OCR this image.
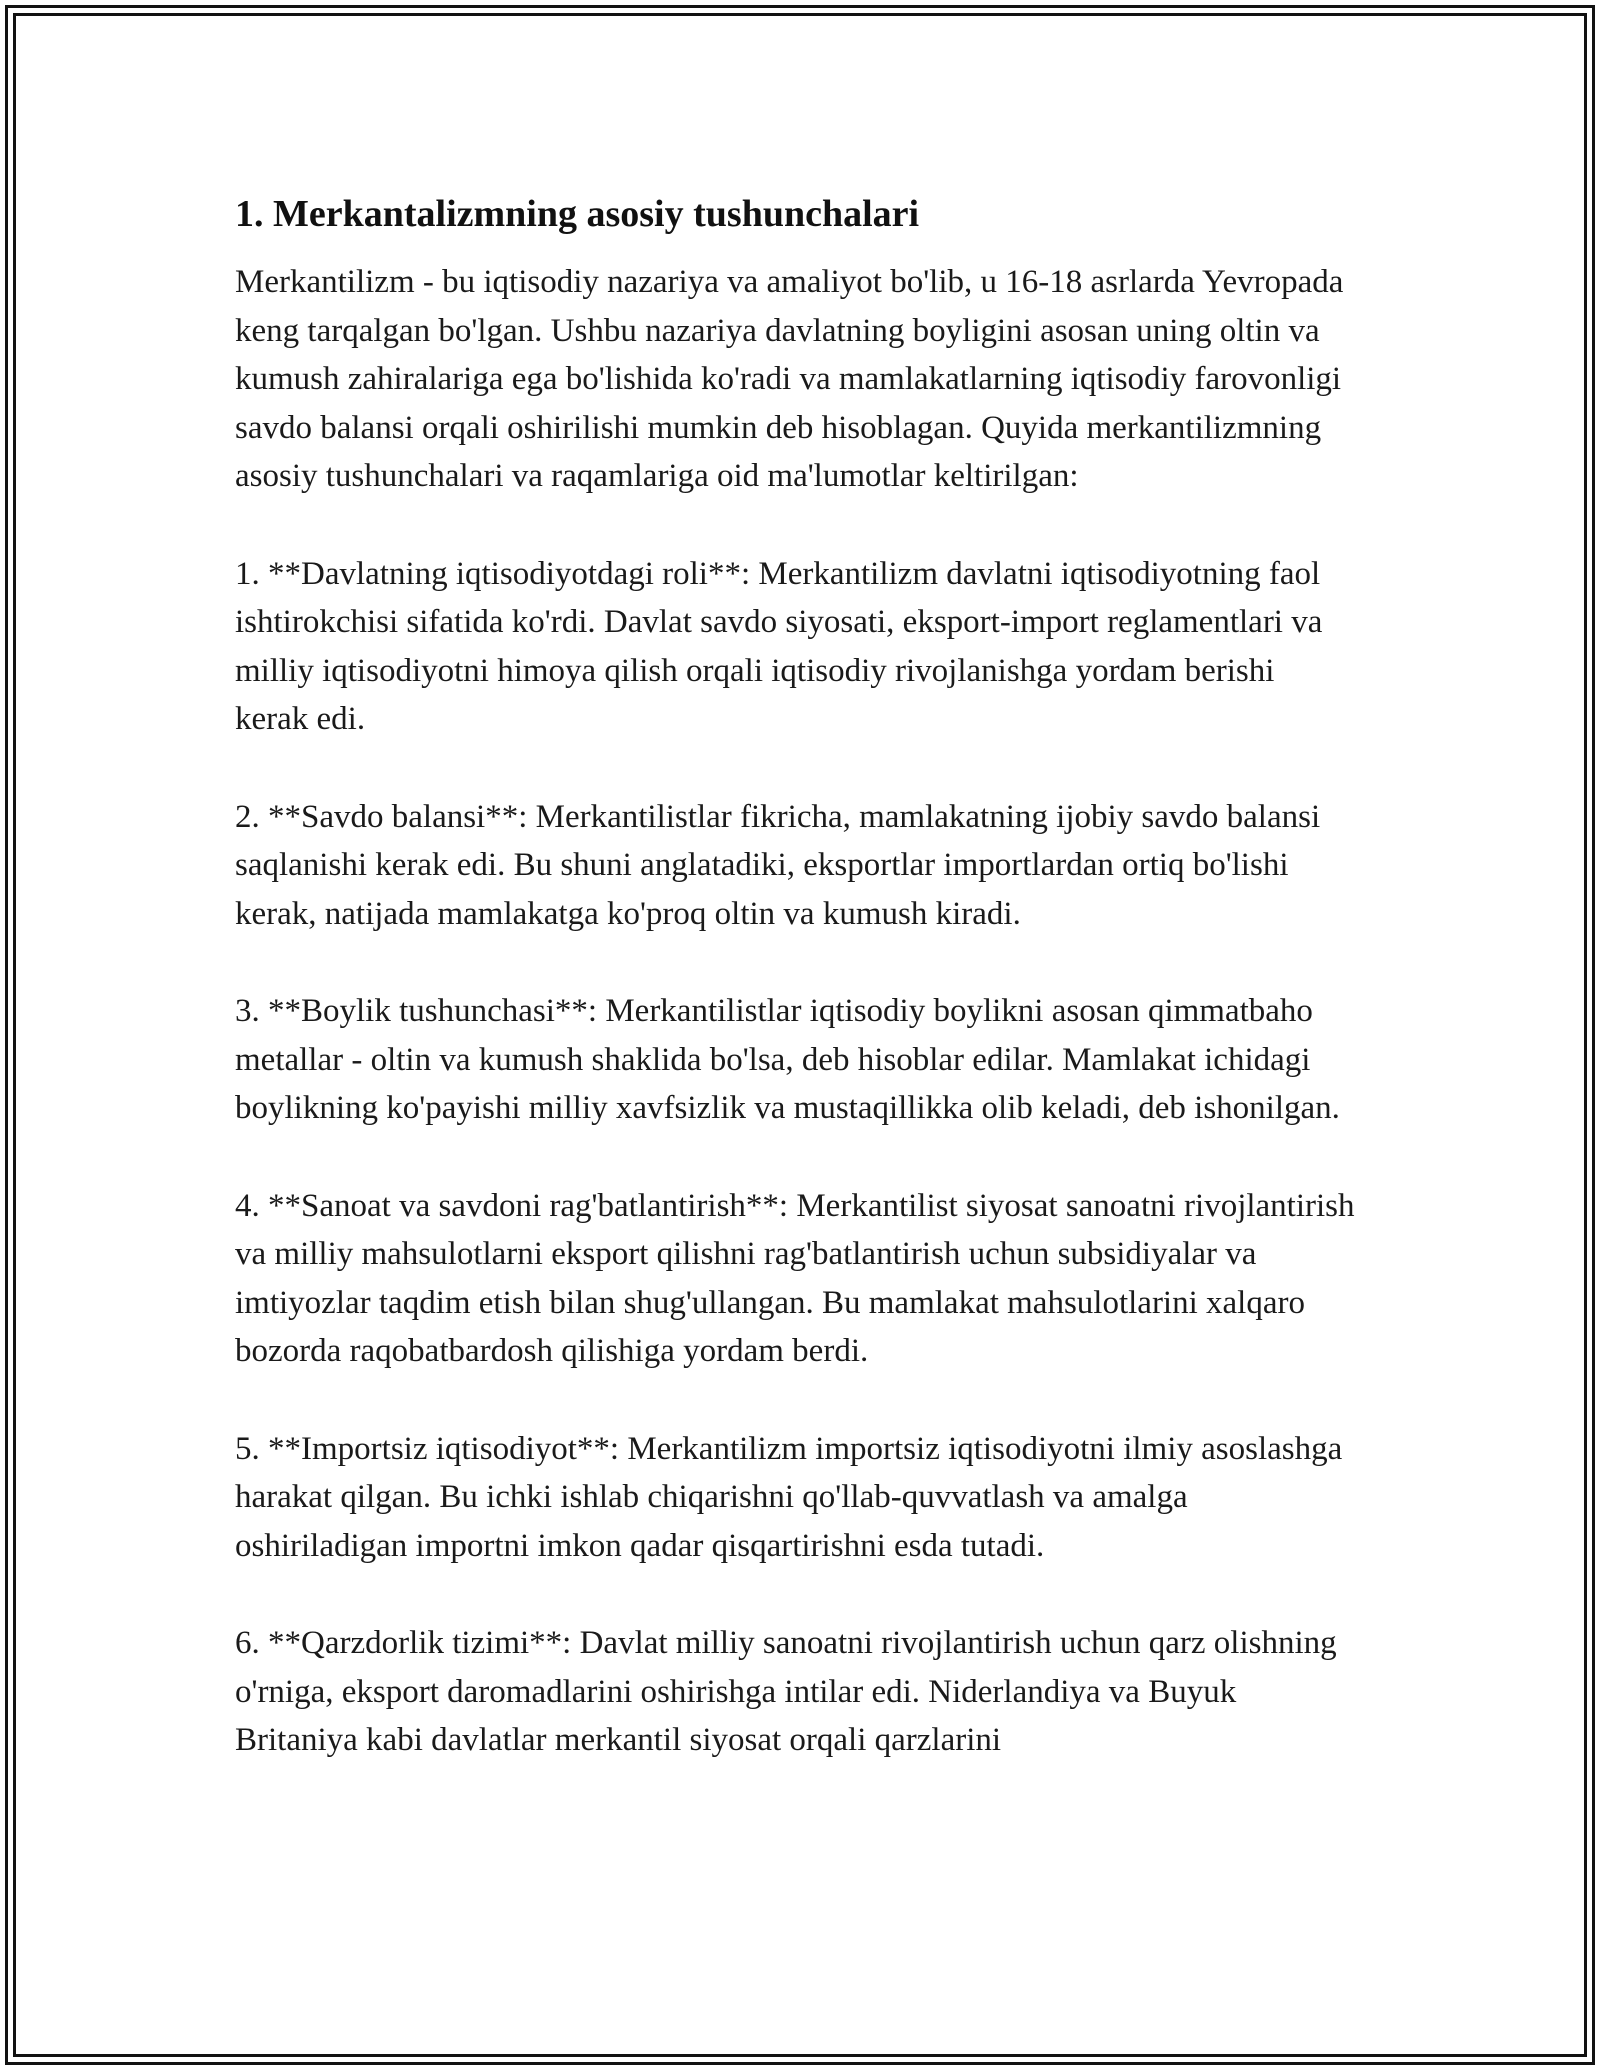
1. Merkantalizmning asosiy tushunchalari

Merkantilizm - bu iqtisodiy nazariya va amaliyot bo'lib, u 16-18 asrlarda Yevropada keng tarqalgan bo'lgan. Ushbu nazariya davlatning boyligini asosan uning oltin va kumush zahiralariga ega bo'lishida ko'radi va mamlakatlarning iqtisodiy farovonligi savdo balansi orqali oshirilishi mumkin deb hisoblagan. Quyida merkantilizmning asosiy tushunchalari va raqamlariga oid ma'lumotlar keltirilgan:

1. **Davlatning iqtisodiyotdagi roli**: Merkantilizm davlatni iqtisodiyotning faol ishtirokchisi sifatida ko'rdi. Davlat savdo siyosati, eksport-import reglamentlari va milliy iqtisodiyotni himoya qilish orqali iqtisodiy rivojlanishga yordam berishi kerak edi.

2. **Savdo balansi**: Merkantilistlar fikricha, mamlakatning ijobiy savdo balansi saqlanishi kerak edi. Bu shuni anglatadiki, eksportlar importlardan ortiq bo'lishi kerak, natijada mamlakatga ko'proq oltin va kumush kiradi.

3. **Boylik tushunchasi**: Merkantilistlar iqtisodiy boylikni asosan qimmatbaho metallar - oltin va kumush shaklida bo'lsa, deb hisoblar edilar. Mamlakat ichidagi boylikning ko'payishi milliy xavfsizlik va mustaqillikka olib keladi, deb ishonilgan.

4. **Sanoat va savdoni rag'batlantirish**: Merkantilist siyosat sanoatni rivojlantirish va milliy mahsulotlarni eksport qilishni rag'batlantirish uchun subsidiyalar va imtiyozlar taqdim etish bilan shug'ullangan. Bu mamlakat mahsulotlarini xalqaro bozorda raqobatbardosh qilishiga yordam berdi.

5. **Importsiz iqtisodiyot**: Merkantilizm importsiz iqtisodiyotni ilmiy asoslashga harakat qilgan. Bu ichki ishlab chiqarishni qo'llab-quvvatlash va amalga oshiriladigan importni imkon qadar qisqartirishni esda tutadi.

6. **Qarzdorlik tizimi**: Davlat milliy sanoatni rivojlantirish uchun qarz olishning o'rniga, eksport daromadlarini oshirishga intilar edi. Niderlandiya va Buyuk Britaniya kabi davlatlar merkantil siyosat orqali qarzlarini
